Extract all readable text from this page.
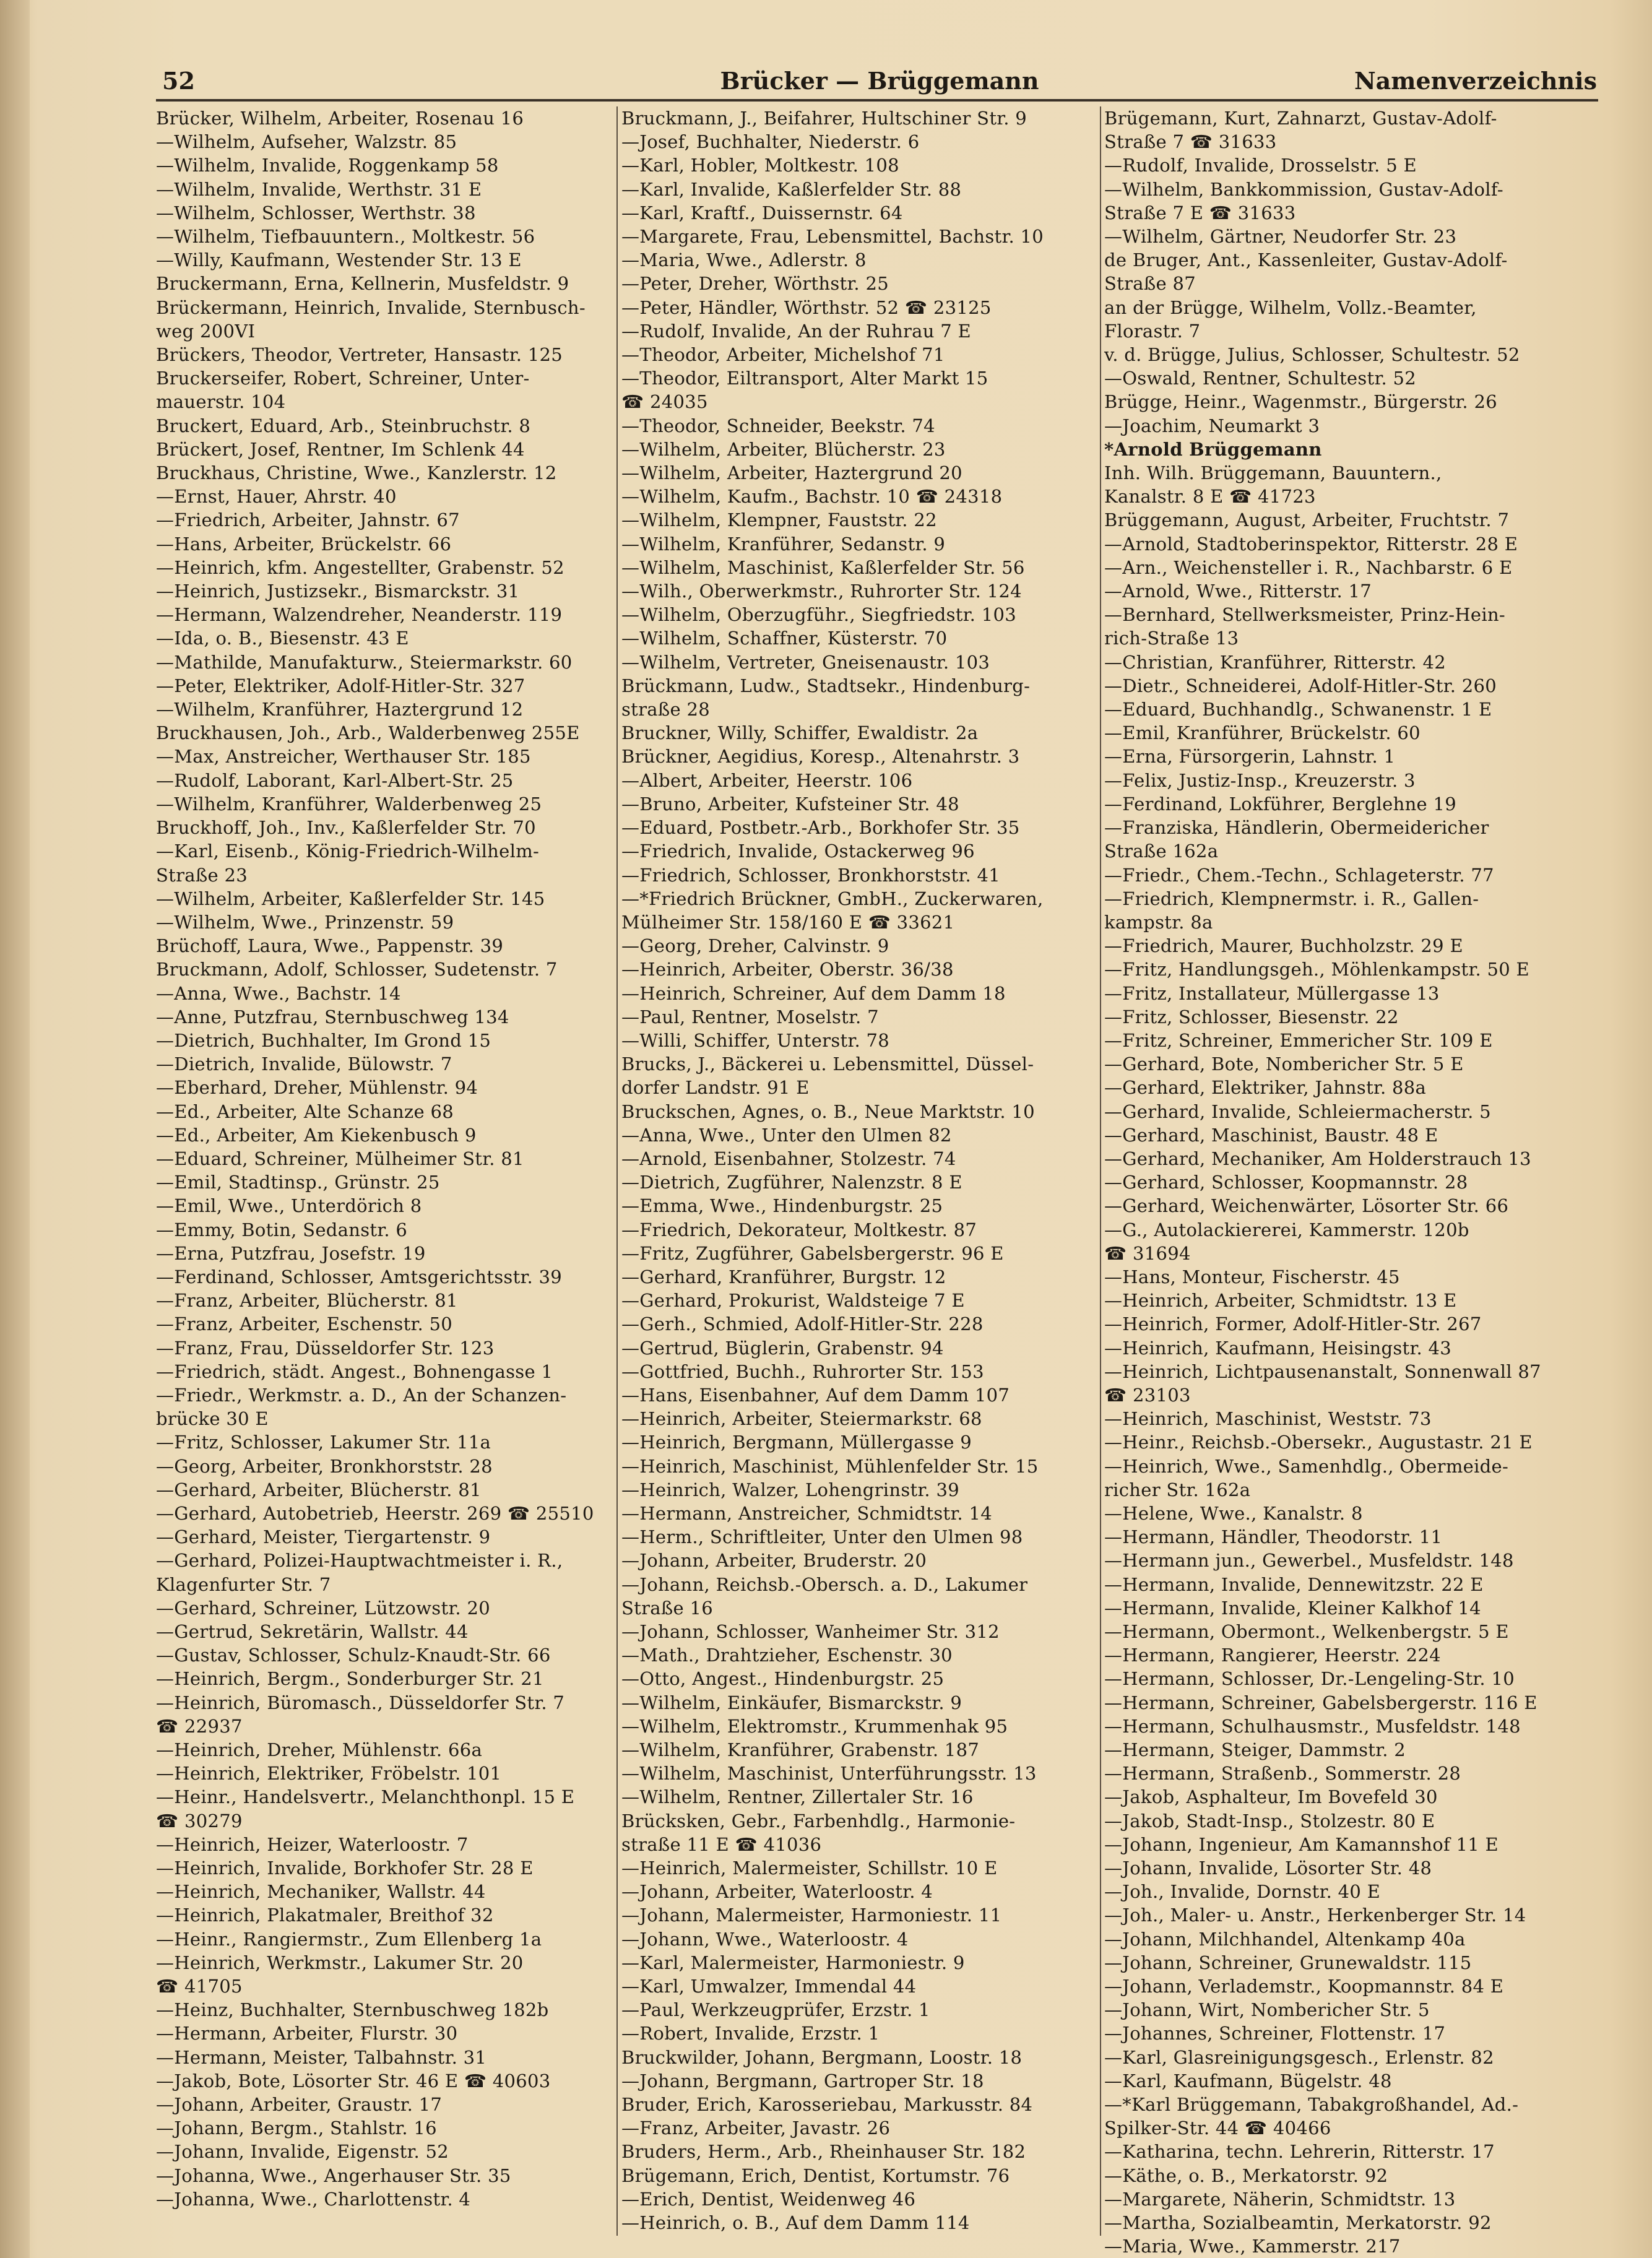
52	Brücker — Brüggemann	Namenverzeichnis
Brücker, Wilhelm, Arbeiter, Rosenau 16
—Wilhelm, Aufseher, Walzstr. 85
—Wilhelm, Invalide, Roggenkamp 58
—Wilhelm, Invalide, Werthstr. 31 E
—Wilhelm, Schlosser, Werthstr. 38
—Wilhelm, Tiefbauuntern., Moltkestr. 56
—Willy, Kaufmann, Westender Str. 13 E
Bruckermann, Erna, Kellnerin, Musfeldstr. 9
Brückermann, Heinrich, Invalide, Sternbusch-
weg 200VI
Brückers, Theodor, Vertreter, Hansastr. 125
Bruckerseifer, Robert, Schreiner, Unter-
mauerstr. 104
Bruckert, Eduard, Arb., Steinbruchstr. 8
Brückert, Josef, Rentner, Im Schlenk 44
Bruckhaus, Christine, Wwe., Kanzlerstr. 12
—Ernst, Hauer, Ahrstr. 40
—Friedrich, Arbeiter, Jahnstr. 67
—Hans, Arbeiter, Brückelstr. 66
—Heinrich, kfm. Angestellter, Grabenstr. 52
—Heinrich, Justizsekr., Bismarckstr. 31
—Hermann, Walzendreher, Neanderstr. 119
—Ida, o. B., Biesenstr. 43 E
—Mathilde, Manufakturw., Steiermarkstr. 60
—Peter, Elektriker, Adolf-Hitler-Str. 327
—Wilhelm, Kranführer, Haztergrund 12
Bruckhausen, Joh., Arb., Walderbenweg 255E
—Max, Anstreicher, Werthauser Str. 185
—Rudolf, Laborant, Karl-Albert-Str. 25
—Wilhelm, Kranführer, Walderbenweg 25
Bruckhoff, Joh., Inv., Kaßlerfelder Str. 70
—Karl, Eisenb., König-Friedrich-Wilhelm-
Straße 23
—Wilhelm, Arbeiter, Kaßlerfelder Str. 145
—Wilhelm, Wwe., Prinzenstr. 59
Brüchoff, Laura, Wwe., Pappenstr. 39
Bruckmann, Adolf, Schlosser, Sudetenstr. 7
—Anna, Wwe., Bachstr. 14
—Anne, Putzfrau, Sternbuschweg 134
—Dietrich, Buchhalter, Im Grond 15
—Dietrich, Invalide, Bülowstr. 7
—Eberhard, Dreher, Mühlenstr. 94
—Ed., Arbeiter, Alte Schanze 68
—Ed., Arbeiter, Am Kiekenbusch 9
—Eduard, Schreiner, Mülheimer Str. 81
—Emil, Stadtinsp., Grünstr. 25
—Emil, Wwe., Unterdörich 8
—Emmy, Botin, Sedanstr. 6
—Erna, Putzfrau, Josefstr. 19
—Ferdinand, Schlosser, Amtsgerichtsstr. 39
—Franz, Arbeiter, Blücherstr. 81
—Franz, Arbeiter, Eschenstr. 50
—Franz, Frau, Düsseldorfer Str. 123
—Friedrich, städt. Angest., Bohnengasse 1
—Friedr., Werkmstr. a. D., An der Schanzen-
brücke 30 E
—Fritz, Schlosser, Lakumer Str. 11a
—Georg, Arbeiter, Bronkhorststr. 28
—Gerhard, Arbeiter, Blücherstr. 81
—Gerhard, Autobetrieb, Heerstr. 269 ☎ 25510
—Gerhard, Meister, Tiergartenstr. 9
—Gerhard, Polizei-Hauptwachtmeister i. R.,
Klagenfurter Str. 7
—Gerhard, Schreiner, Lützowstr. 20
—Gertrud, Sekretärin, Wallstr. 44
—Gustav, Schlosser, Schulz-Knaudt-Str. 66
—Heinrich, Bergm., Sonderburger Str. 21
—Heinrich, Büromasch., Düsseldorfer Str. 7
☎ 22937
—Heinrich, Dreher, Mühlenstr. 66a
—Heinrich, Elektriker, Fröbelstr. 101
—Heinr., Handelsvertr., Melanchthonpl. 15 E
☎ 30279
—Heinrich, Heizer, Waterloostr. 7
—Heinrich, Invalide, Borkhofer Str. 28 E
—Heinrich, Mechaniker, Wallstr. 44
—Heinrich, Plakatmaler, Breithof 32
—Heinr., Rangiermstr., Zum Ellenberg 1a
—Heinrich, Werkmstr., Lakumer Str. 20
☎ 41705
—Heinz, Buchhalter, Sternbuschweg 182b
—Hermann, Arbeiter, Flurstr. 30
—Hermann, Meister, Talbahnstr. 31
—Jakob, Bote, Lösorter Str. 46 E ☎ 40603
—Johann, Arbeiter, Graustr. 17
—Johann, Bergm., Stahlstr. 16
—Johann, Invalide, Eigenstr. 52
—Johanna, Wwe., Angerhauser Str. 35
—Johanna, Wwe., Charlottenstr. 4
Bruckmann, J., Beifahrer, Hultschiner Str. 9
—Josef, Buchhalter, Niederstr. 6
—Karl, Hobler, Moltkestr. 108
—Karl, Invalide, Kaßlerfelder Str. 88
—Karl, Kraftf., Duissernstr. 64
—Margarete, Frau, Lebensmittel, Bachstr. 10
—Maria, Wwe., Adlerstr. 8
—Peter, Dreher, Wörthstr. 25
—Peter, Händler, Wörthstr. 52 ☎ 23125
—Rudolf, Invalide, An der Ruhrau 7 E
—Theodor, Arbeiter, Michelshof 71
—Theodor, Eiltransport, Alter Markt 15
☎ 24035
—Theodor, Schneider, Beekstr. 74
—Wilhelm, Arbeiter, Blücherstr. 23
—Wilhelm, Arbeiter, Haztergrund 20
—Wilhelm, Kaufm., Bachstr. 10 ☎ 24318
—Wilhelm, Klempner, Fauststr. 22
—Wilhelm, Kranführer, Sedanstr. 9
—Wilhelm, Maschinist, Kaßlerfelder Str. 56
—Wilh., Oberwerkmstr., Ruhrorter Str. 124
—Wilhelm, Oberzugführ., Siegfriedstr. 103
—Wilhelm, Schaffner, Küsterstr. 70
—Wilhelm, Vertreter, Gneisenaustr. 103
Brückmann, Ludw., Stadtsekr., Hindenburg-
straße 28
Bruckner, Willy, Schiffer, Ewaldistr. 2a
Brückner, Aegidius, Koresp., Altenahrstr. 3
—Albert, Arbeiter, Heerstr. 106
—Bruno, Arbeiter, Kufsteiner Str. 48
—Eduard, Postbetr.-Arb., Borkhofer Str. 35
—Friedrich, Invalide, Ostackerweg 96
—Friedrich, Schlosser, Bronkhorststr. 41
—*Friedrich Brückner, GmbH., Zuckerwaren,
Mülheimer Str. 158/160 E ☎ 33621
—Georg, Dreher, Calvinstr. 9
—Heinrich, Arbeiter, Oberstr. 36/38
—Heinrich, Schreiner, Auf dem Damm 18
—Paul, Rentner, Moselstr. 7
—Willi, Schiffer, Unterstr. 78
Brucks, J., Bäckerei u. Lebensmittel, Düssel-
dorfer Landstr. 91 E
Brucksch​en, Agnes, o. B., Neue Marktstr. 10
—Anna, Wwe., Unter den Ulmen 82
—Arnold, Eisenbahner, Stolzestr. 74
—Dietrich, Zugführer, Nalenzstr. 8 E
—Emma, Wwe., Hindenburgstr. 25
—Friedrich, Dekorateur, Moltkestr. 87
—Fritz, Zugführer, Gabelsbergerstr. 96 E
—Gerhard, Kranführer, Burgstr. 12
—Gerhard, Prokurist, Waldsteige 7 E
—Gerh., Schmied, Adolf-Hitler-Str. 228
—Gertrud, Büglerin, Grabenstr. 94
—Gottfried, Buchh., Ruhrorter Str. 153
—Hans, Eisenbahner, Auf dem Damm 107
—Heinrich, Arbeiter, Steiermarkstr. 68
—Heinrich, Bergmann, Müllergasse 9
—Heinrich, Maschinist, Mühlenfelder Str. 15
—Heinrich, Walzer, Lohengrinstr. 39
—Hermann, Anstreicher, Schmidtstr. 14
—Herm., Schriftleiter, Unter den Ulmen 98
—Johann, Arbeiter, Bruderstr. 20
—Johann, Reichsb.-Obersch. a. D., Lakumer
Straße 16
—Johann, Schlosser, Wanheimer Str. 312
—Math., Drahtzieher, Eschenstr. 30
—Otto, Angest., Hindenburgstr. 25
—Wilhelm, Einkäufer, Bismarckstr. 9
—Wilhelm, Elektromstr., Krummenhak 95
—Wilhelm, Kranführer, Grabenstr. 187
—Wilhelm, Maschinist, Unterführungsstr. 13
—Wilhelm, Rentner, Zillertaler Str. 16
Brücksken, Gebr., Farbenhdlg., Harmonie-
straße 11 E ☎ 41036
—Heinrich, Malermeister, Schillstr. 10 E
—Johann, Arbeiter, Waterloostr. 4
—Johann, Malermeister, Harmoniestr. 11
—Johann, Wwe., Waterloostr. 4
—Karl, Malermeister, Harmoniestr. 9
—Karl, Umwalzer, Immendal 44
—Paul, Werkzeugprüfer, Erzstr. 1
—Robert, Invalide, Erzstr. 1
Bruckwilder, Johann, Bergmann, Loostr. 18
—Johann, Bergmann, Gartroper Str. 18
Bruder, Erich, Karosseriebau, Markusstr. 84
—Franz, Arbeiter, Javastr. 26
Bruders, Herm., Arb., Rheinhauser Str. 182
Brügemann, Erich, Dentist, Kortumstr. 76
—Erich, Dentist, Weidenweg 46
—Heinrich, o. B., Auf dem Damm 114
Brügemann, Kurt, Zahnarzt, Gustav-Adolf-
Straße 7 ☎ 31633
—Rudolf, Invalide, Drosselstr. 5 E
—Wilhelm, Bankkommission, Gustav-Adolf-
Straße 7 E ☎ 31633
—Wilhelm, Gärtner, Neudorfer Str. 23
de Bruger, Ant., Kassenleiter, Gustav-Adolf-
Straße 87
an der Brügge, Wilhelm, Vollz.-Beamter,
Florastr. 7
v. d. Brügge, Julius, Schlosser, Schultestr. 52
—Oswald, Rentner, Schultestr. 52
Brügge, Heinr., Wagenmstr., Bürgerstr. 26
—Joachim, Neumarkt 3
*Arnold Brüggemann
Inh. Wilh. Brüggemann, Bauuntern.,
Kanalstr. 8 E ☎ 41723
Brüggemann, August, Arbeiter, Fruchtstr. 7
—Arnold, Stadtoberinspektor, Ritterstr. 28 E
—Arn., Weichensteller i. R., Nachbarstr. 6 E
—Arnold, Wwe., Ritterstr. 17
—Bernhard, Stellwerksmeister, Prinz-Hein-
rich-Straße 13
—Christian, Kranführer, Ritterstr. 42
—Dietr., Schneiderei, Adolf-Hitler-Str. 260
—Eduard, Buchhandlg., Schwanenstr. 1 E
—Emil, Kranführer, Brückelstr. 60
—Erna, Fürsorgerin, Lahnstr. 1
—Felix, Justiz-Insp., Kreuzerstr. 3
—Ferdinand, Lokführer, Berglehne 19
—Franziska, Händlerin, Obermeidericher
Straße 162a
—Friedr., Chem.-Techn., Schlageterstr. 77
—Friedrich, Klempnermstr. i. R., Gallen-
kampstr. 8a
—Friedrich, Maurer, Buchholzstr. 29 E
—Fritz, Handlungsgeh., Möhlenkampstr. 50 E
—Fritz, Installateur, Müllergasse 13
—Fritz, Schlosser, Biesenstr. 22
—Fritz, Schreiner, Emmericher Str. 109 E
—Gerhard, Bote, Nombericher Str. 5 E
—Gerhard, Elektriker, Jahnstr. 88a
—Gerhard, Invalide, Schleiermacherstr. 5
—Gerhard, Maschinist, Baustr. 48 E
—Gerhard, Mechaniker, Am Holderstrauch 13
—Gerhard, Schlosser, Koopmannstr. 28
—Gerhard, Weichenwärter, Lösorter Str. 66
—G., Autolackiererei, Kammerstr. 120b
☎ 31694
—Hans, Monteur, Fischerstr. 45
—Heinrich, Arbeiter, Schmidtstr. 13 E
—Heinrich, Former, Adolf-Hitler-Str. 267
—Heinrich, Kaufmann, Heisingstr. 43
—Heinrich, Lichtpausenanstalt, Sonnenwall 87
☎ 23103
—Heinrich, Maschinist, Weststr. 73
—Heinr., Reichsb.-Obersekr., Augustastr. 21 E
—Heinrich, Wwe., Samenhdlg., Obermeide-
richer Str. 162a
—Helene, Wwe., Kanalstr. 8
—Hermann, Händler, Theodorstr. 11
—Hermann jun., Gewerbel., Musfeldstr. 148
—Hermann, Invalide, Dennewitzstr. 22 E
—Hermann, Invalide, Kleiner Kalkhof 14
—Hermann, Obermont., Welkenbergstr. 5 E
—Hermann, Rangierer, Heerstr. 224
—Hermann, Schlosser, Dr.-Lengeling-Str. 10
—Hermann, Schreiner, Gabelsbergerstr. 116 E
—Hermann, Schulhausmstr., Musfeldstr. 148
—Hermann, Steiger, Dammstr. 2
—Hermann, Straßenb., Sommerstr. 28
—Jakob, Asphalteur, Im Bovefeld 30
—Jakob, Stadt-Insp., Stolzestr. 80 E
—Johann, Ingenieur, Am Kamannshof 11 E
—Johann, Invalide, Lösorter Str. 48
—Joh., Invalide, Dornstr. 40 E
—Joh., Maler- u. Anstr., Herkenberger Str. 14
—Johann, Milchhandel, Altenkamp 40a
—Johann, Schreiner, Grunewaldstr. 115
—Johann, Verlademstr., Koopmannstr. 84 E
—Johann, Wirt, Nombericher Str. 5
—Johannes, Schreiner, Flottenstr. 17
—Karl, Glasreinigungsgesch., Erlenstr. 82
—Karl, Kaufmann, Bügelstr. 48
—*Karl Brüggemann, Tabakgroßhandel, Ad.-
Spilker-Str. 44 ☎ 40466
—Katharina, techn. Lehrerin, Ritterstr. 17
—Käthe, o. B., Merkatorstr. 92
—Margarete, Näherin, Schmidtstr. 13
—Martha, Sozialbeamtin, Merkatorstr. 92
—Maria, Wwe., Kammerstr. 217
